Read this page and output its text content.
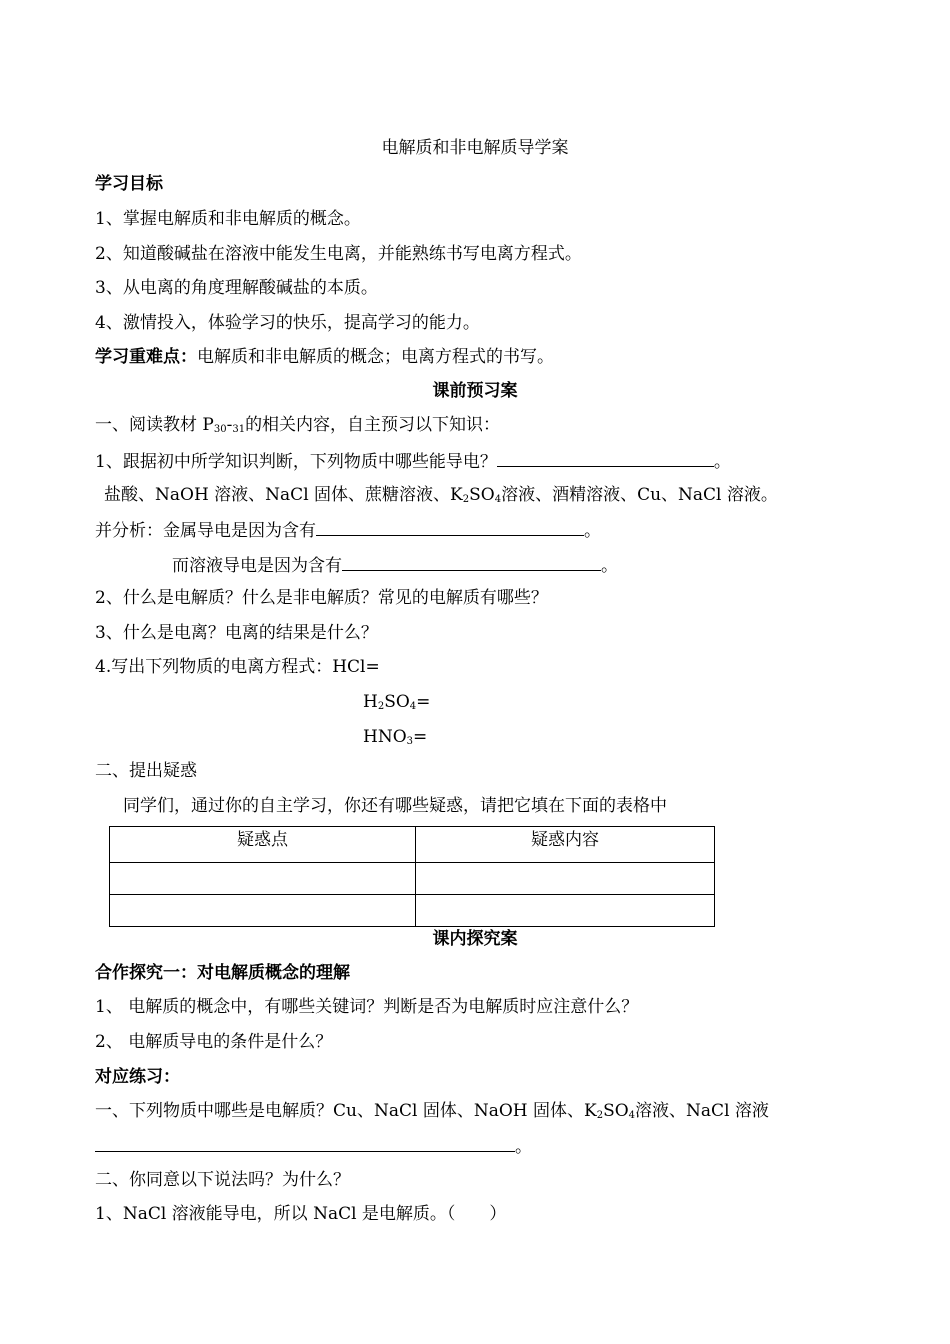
电解质和非电解质导学案
学习目标
1、掌握电解质和非电解质的概念。
2、知道酸碱盐在溶液中能发生电离，并能熟练书写电离方程式。
3、从电离的角度理解酸碱盐的本质。
4、激情投入，体验学习的快乐，提高学习的能力。
学习重难点：电解质和非电解质的概念；电离方程式的书写。
课前预习案
一、阅读教材 $P_{30}-_{31}$的相关内容，自主预习以下知识：
1、跟据初中所学知识判断，下列物质中哪些能导电？	。
盐酸、NaOH 溶液、NaCl 固体、蔗糖溶液、$K_2SO_4$溶液、酒精溶液、Cu、NaCl 溶液。
并分析：金属导电是因为含有	。
而溶液导电是因为含有	。
2、什么是电解质？什么是非电解质？常见的电解质有哪些？
3、什么是电离？电离的结果是什么？
4.写出下列物质的电离方程式：HCl=
$H_2SO_4=$
$HNO_3=$
二、提出疑惑
同学们，通过你的自主学习，你还有哪些疑惑，请把它填在下面的表格中
疑惑点	疑惑内容

课内探究案
合作探究一：对电解质概念的理解
1、 电解质的概念中，有哪些关键词？判断是否为电解质时应注意什么？
2、 电解质导电的条件是什么？
对应练习：
一、下列物质中哪些是电解质？Cu、NaCl 固体、NaOH 固体、$K_2SO_4$溶液、NaCl 溶液
。
二、你同意以下说法吗？为什么？
1、NaCl 溶液能导电，所以 NaCl 是电解质。（　　）
